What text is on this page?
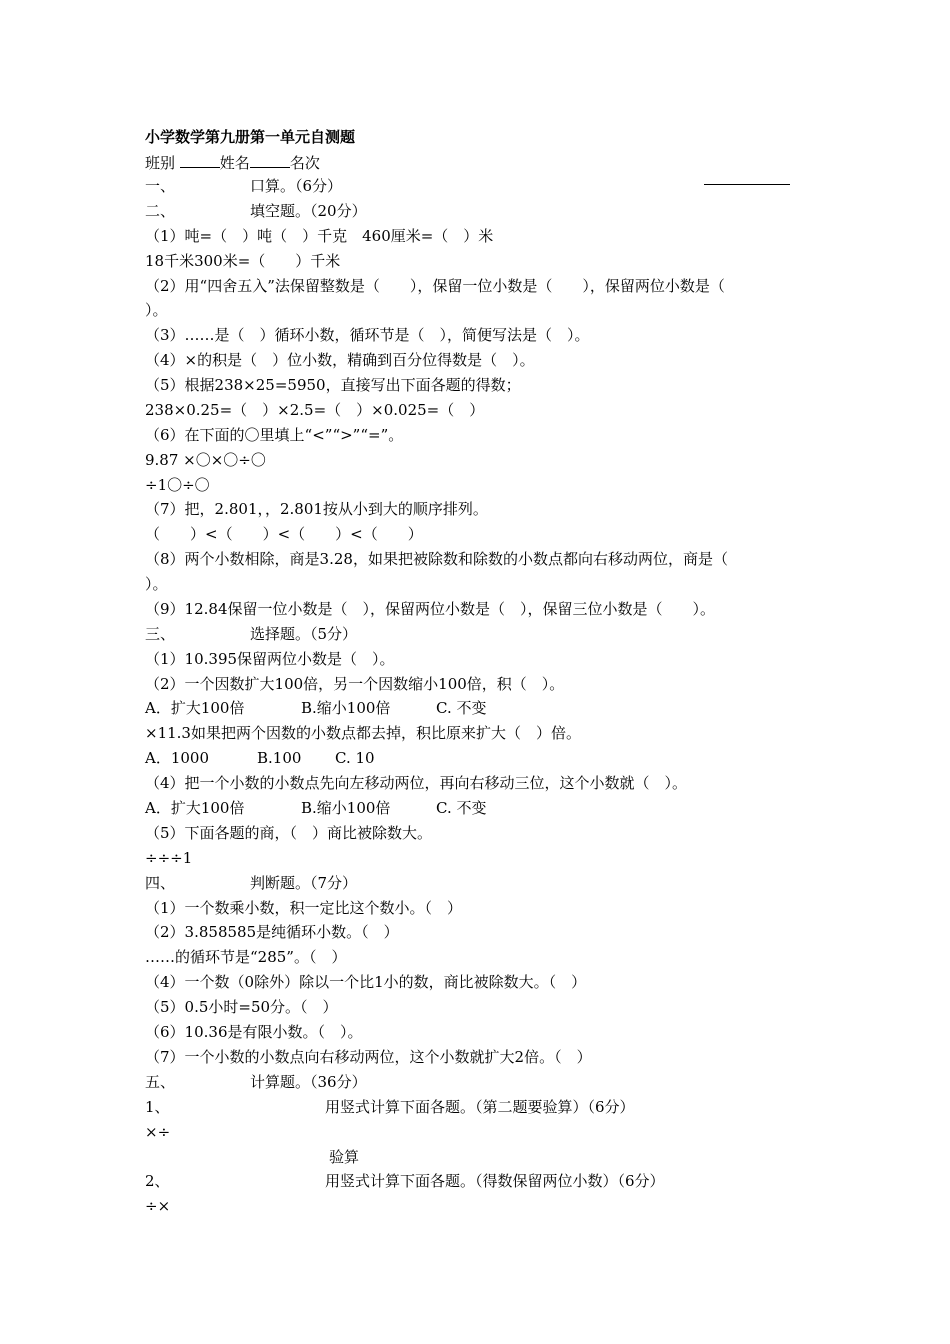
小学数学第九册第一单元自测题
班别	姓名	名次
一、	口算。（6分）
二、	填空题。（20分）
（1）吨=（　）吨（　）千克　460厘米=（　）米
18千米300米=（　　）千米
（2）用“四舍五入”法保留整数是（　　），保留一位小数是（　　），保留两位小数是（
）。
（3）……是（　）循环小数，循环节是（　），简便写法是（　）。
（4）×的积是（　）位小数，精确到百分位得数是（　）。
（5）根据238×25=5950，直接写出下面各题的得数；
238×0.25=（　）×2.5=（　）×0.025=（　）
（6）在下面的〇里填上“<”“>”“=”。
9.87 ×〇×〇÷〇
÷1〇÷〇
（7）把，2.801，，2.801按从小到大的顺序排列。
（　　）<（　　）<（　　）<（　　）
（8）两个小数相除，商是3.28，如果把被除数和除数的小数点都向右移动两位，商是（
）。
（9）12.84保留一位小数是（　），保留两位小数是（　），保留三位小数是（　　）。
三、	选择题。（5分）
（1）10.395保留两位小数是（　）。
（2）一个因数扩大100倍，另一个因数缩小100倍，积（　）。
A．扩大100倍	B.缩小100倍	C. 不变
×11.3如果把两个因数的小数点都去掉，积比原来扩大（　）倍。
A．1000	B.100 C. 10
（4）把一个小数的小数点先向左移动两位，再向右移动三位，这个小数就（　）。
A．扩大100倍	B.缩小100倍	C. 不变
（5）下面各题的商，（　）商比被除数大。
÷÷÷1
四、	判断题。（7分）
（1）一个数乘小数，积一定比这个数小。（　）
（2）3.858585是纯循环小数。（　）
……的循环节是“285”。（　）
（4）一个数（0除外）除以一个比1小的数，商比被除数大。（　）
（5）0.5小时=50分。（　）
（6）10.36是有限小数。（　）。
（7）一个小数的小数点向右移动两位，这个小数就扩大2倍。（　）
五、	计算题。（36分）
1、	用竖式计算下面各题。（第二题要验算）（6分）
×÷
验算
2、	用竖式计算下面各题。（得数保留两位小数）（6分）
÷×
